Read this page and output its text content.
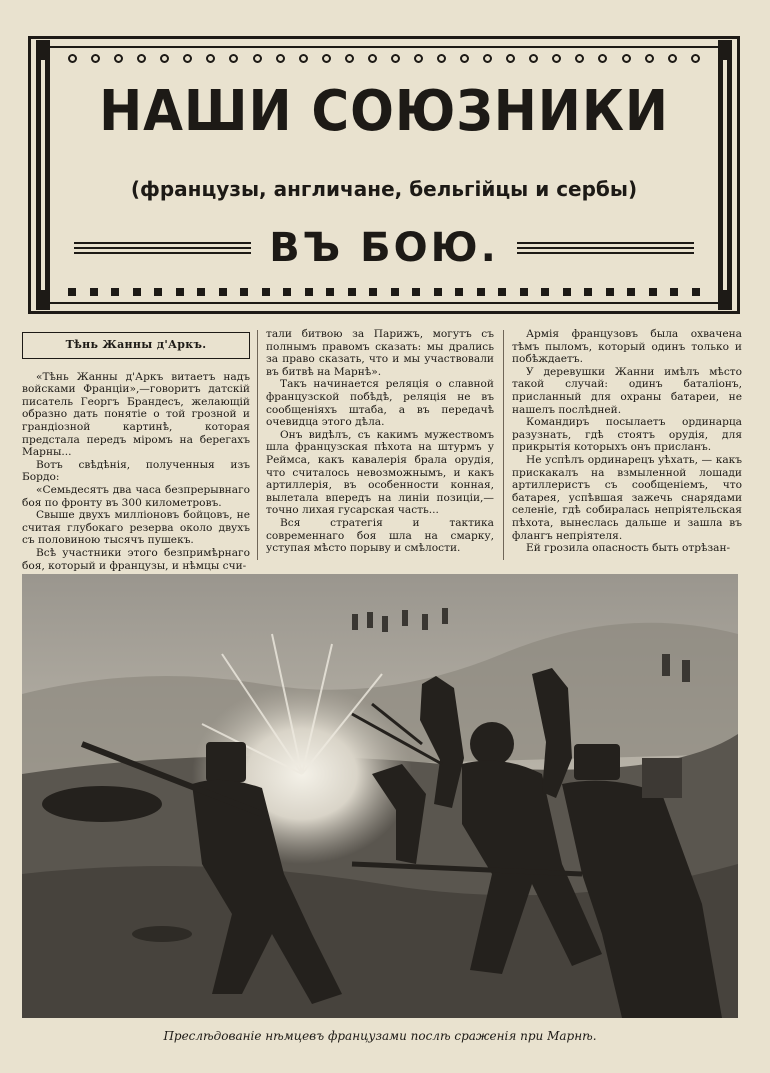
НАШИ СОЮЗНИКИ
(французы, англичане, бельгійцы и сербы)
ВЪ БОЮ.
Тѣнь Жанны д'Аркъ.

«Тѣнь Жанны д'Аркъ витаетъ надъ войсками Франціи»,—говоритъ датскій писатель Георгъ Брандесъ, желающій образно дать понятіе о той грозной и грандіозной картинѣ, которая предстала передъ міромъ на берегахъ Марны...

Вотъ свѣдѣнія, полученныя изъ Бордо:

«Семьдесятъ два часа безпрерывнаго боя по фронту въ 300 километровъ.

Свыше двухъ милліоновъ бойцовъ, не считая глубокаго резерва около двухъ съ половиною тысячъ пушекъ.

Всѣ участники этого безпримѣрнаго боя, который и французы, и нѣмцы счи-

тали битвою за Парижъ, могутъ съ полнымъ правомъ сказать: мы дрались за право сказать, что и мы участвовали въ битвѣ на Марнѣ».

Такъ начинается реляція о славной французской побѣдѣ, реляція не въ сообщеніяхъ штаба, а въ передачѣ очевидца этого дѣла.

Онъ видѣлъ, съ какимъ мужествомъ шла французская пѣхота на штурмъ у Реймса, какъ кавалерія брала орудія, что считалось невозможнымъ, и какъ артиллерія, въ особенности конная, вылетала впередъ на линіи позиціи,—точно лихая гусарская часть...

Вся стратегія и тактика современнаго боя шла на смарку, уступая мѣсто порыву и смѣлости.

Армія французовъ была охвачена тѣмъ пыломъ, который одинъ только и побѣждаетъ.

У деревушки Жанни имѣлъ мѣсто такой случай: одинъ баталіонъ, присланный для охраны батареи, не нашелъ послѣдней.

Командиръ посылаетъ ординарца разузнать, гдѣ стоятъ орудія, для прикрытія которыхъ онъ присланъ.

Не успѣлъ ординарецъ уѣхать, — какъ прискакалъ на взмыленной лошади артиллеристъ съ сообщеніемъ, что батарея, успѣвшая зажечь снарядами селеніе, гдѣ собиралась непріятельская пѣхота, вынеслась дальше и зашла въ флангъ непріятеля.

Ей грозила опасность быть отрѣзан-

Преслѣдованіе нѣмцевъ французами послѣ сраженія при Марнѣ.
